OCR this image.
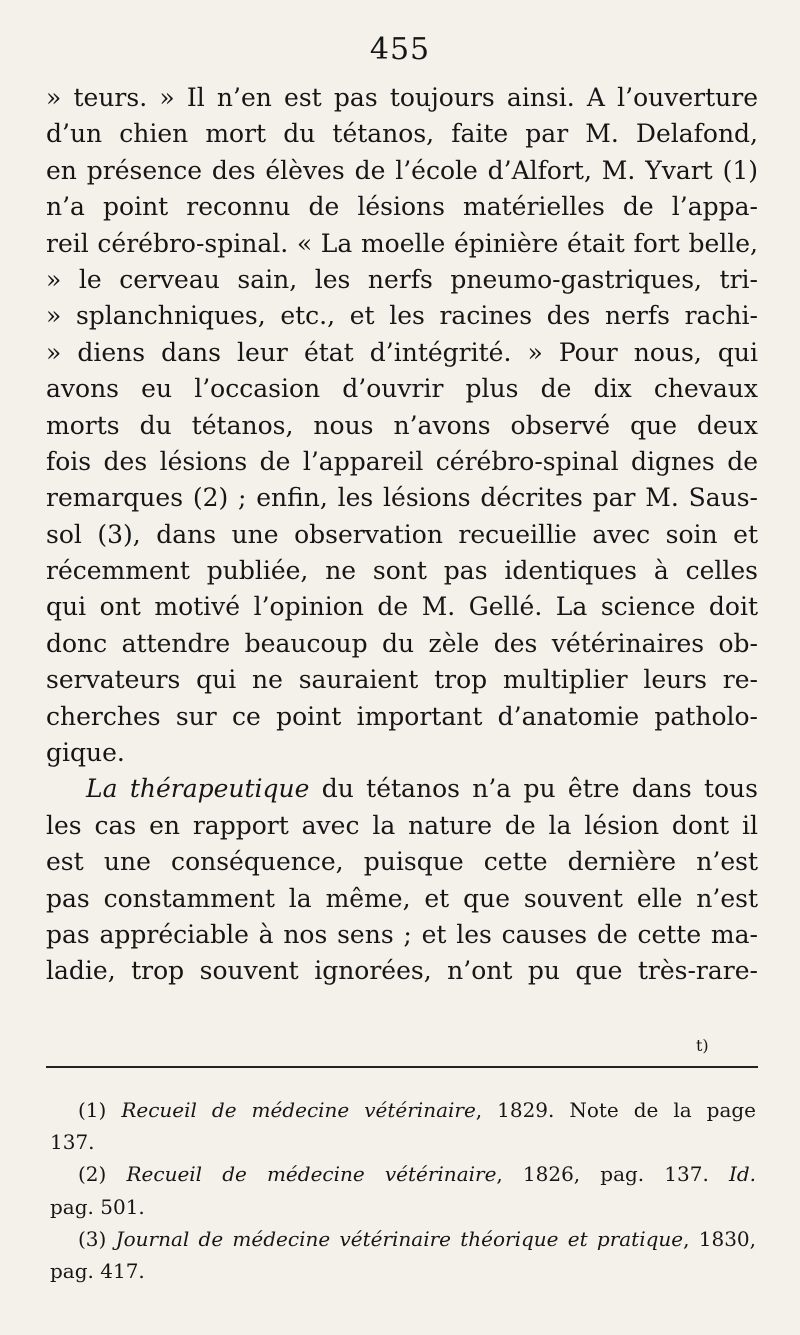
455
» teurs. » Il n’en est pas toujours ainsi. A l’ouverture
d’un chien mort du tétanos, faite par M. Delafond,
en présence des élèves de l’école d’Alfort, M. Yvart (1)
n’a point reconnu de lésions matérielles de l’appa-
reil cérébro-spinal. « La moelle épinière était fort belle,
» le cerveau sain, les nerfs pneumo-gastriques, tri-
» splanchniques, etc., et les racines des nerfs rachi-
» diens dans leur état d’intégrité. » Pour nous, qui
avons eu l’occasion d’ouvrir plus de dix chevaux
morts du tétanos, nous n’avons observé que deux
fois des lésions de l’appareil cérébro-spinal dignes de
remarques (2) ; enfin, les lésions décrites par M. Saus-
sol (3), dans une observation recueillie avec soin et
récemment publiée, ne sont pas identiques à celles
qui ont motivé l’opinion de M. Gellé. La science doit
donc attendre beaucoup du zèle des vétérinaires ob-
servateurs qui ne sauraient trop multiplier leurs re-
cherches sur ce point important d’anatomie patholo-
gique.
La thérapeutique du tétanos n’a pu être dans tous
les cas en rapport avec la nature de la lésion dont il
est une conséquence, puisque cette dernière n’est
pas constamment la même, et que souvent elle n’est
pas appréciable à nos sens ; et les causes de cette ma-
ladie, trop souvent ignorées, n’ont pu que très-rare-
t)
(1) Recueil de médecine vétérinaire, 1829. Note de la page
137.
(2) Recueil de médecine vétérinaire, 1826, pag. 137. Id.
pag. 501.
(3) Journal de médecine vétérinaire théorique et pratique, 1830,
pag. 417.
